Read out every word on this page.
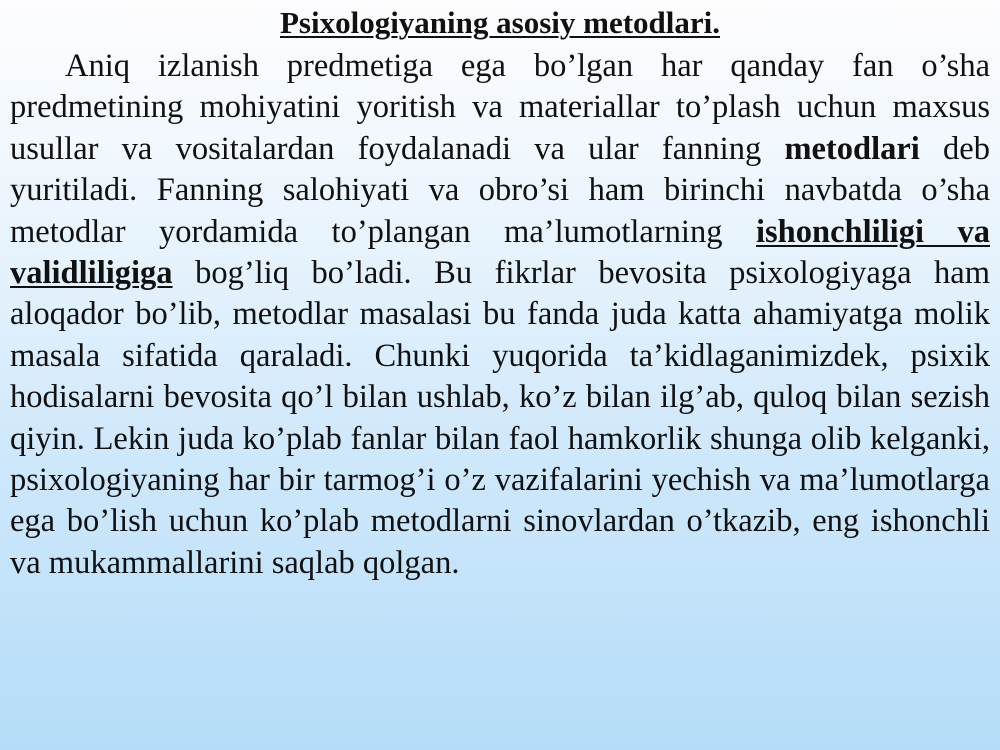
Psixologiyaning asosiy metodlari.

Aniq izlanish predmetiga ega bo’lgan har qanday fan o’sha predmetining mohiyatini yoritish va materiallar to’plash uchun maxsus usullar va vositalardan foydalanadi va ular fanning metodlari deb yuritiladi. Fanning salohiyati va obro’si ham birinchi navbatda o’sha metodlar yordamida to’plangan ma’lumotlarning ishonchliligi va validliligiga bog’liq bo’ladi. Bu fikrlar bevosita psixologiyaga ham aloqador bo’lib, metodlar masalasi bu fanda juda katta ahamiyatga molik masala sifatida qaraladi. Chunki yuqorida ta’kidlaganimizdek, psixik hodisalarni bevosita qo’l bilan ushlab, ko’z bilan ilg’ab, quloq bilan sezish qiyin. Lekin juda ko’plab fanlar bilan faol hamkorlik shunga olib kelganki, psixologiyaning har bir tarmog’i o’z vazifalarini yechish va ma’lumotlarga ega bo’lish uchun ko’plab metodlarni sinovlardan o’tkazib, eng ishonchli va mukammallarini saqlab qolgan.
